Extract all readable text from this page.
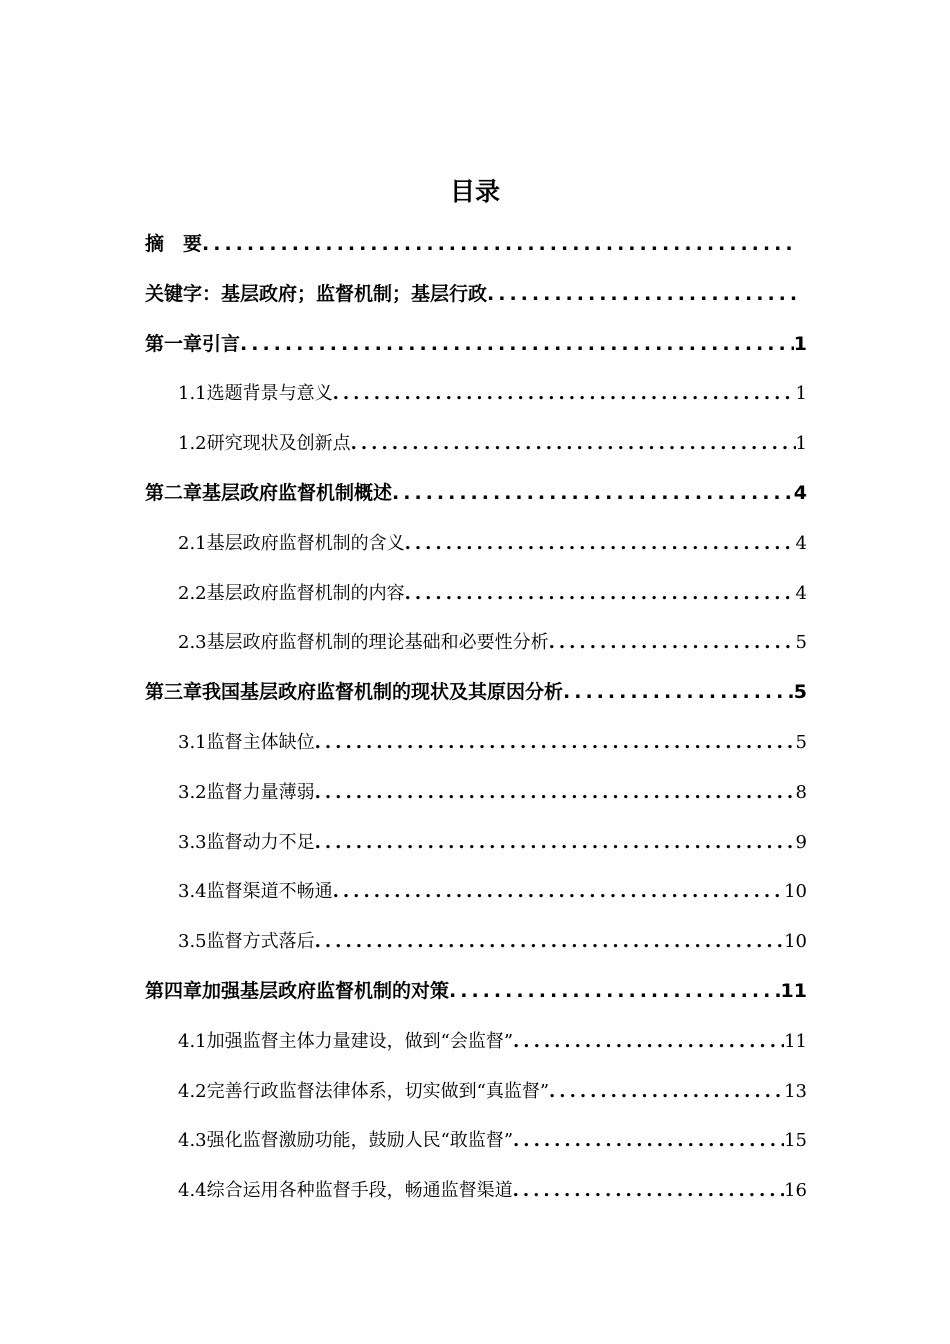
目录
摘　要
.....
关键字：基层政府；监督机制；基层行政
.....
第一章引言 .....	1
1.1选题背景与意义 .....	1
1.2研究现状及创新点 .....	1
第二章基层政府监督机制概述 .....	4
2.1基层政府监督机制的含义 .....	4
2.2基层政府监督机制的内容 .....	4
2.3基层政府监督机制的理论基础和必要性分析 .....	5
第三章我国基层政府监督机制的现状及其原因分析 .....	5
3.1监督主体缺位 .....	5
3.2监督力量薄弱 .....	8
3.3监督动力不足 .....	9
3.4监督渠道不畅通 .....	10
3.5监督方式落后 .....	10
第四章加强基层政府监督机制的对策 .....	11
4.1加强监督主体力量建设，做到“会监督” .....	11
4.2完善行政监督法律体系，切实做到“真监督” .....	13
4.3强化监督激励功能，鼓励人民“敢监督” .....	15
4.4综合运用各种监督手段，畅通监督渠道 .....	16
